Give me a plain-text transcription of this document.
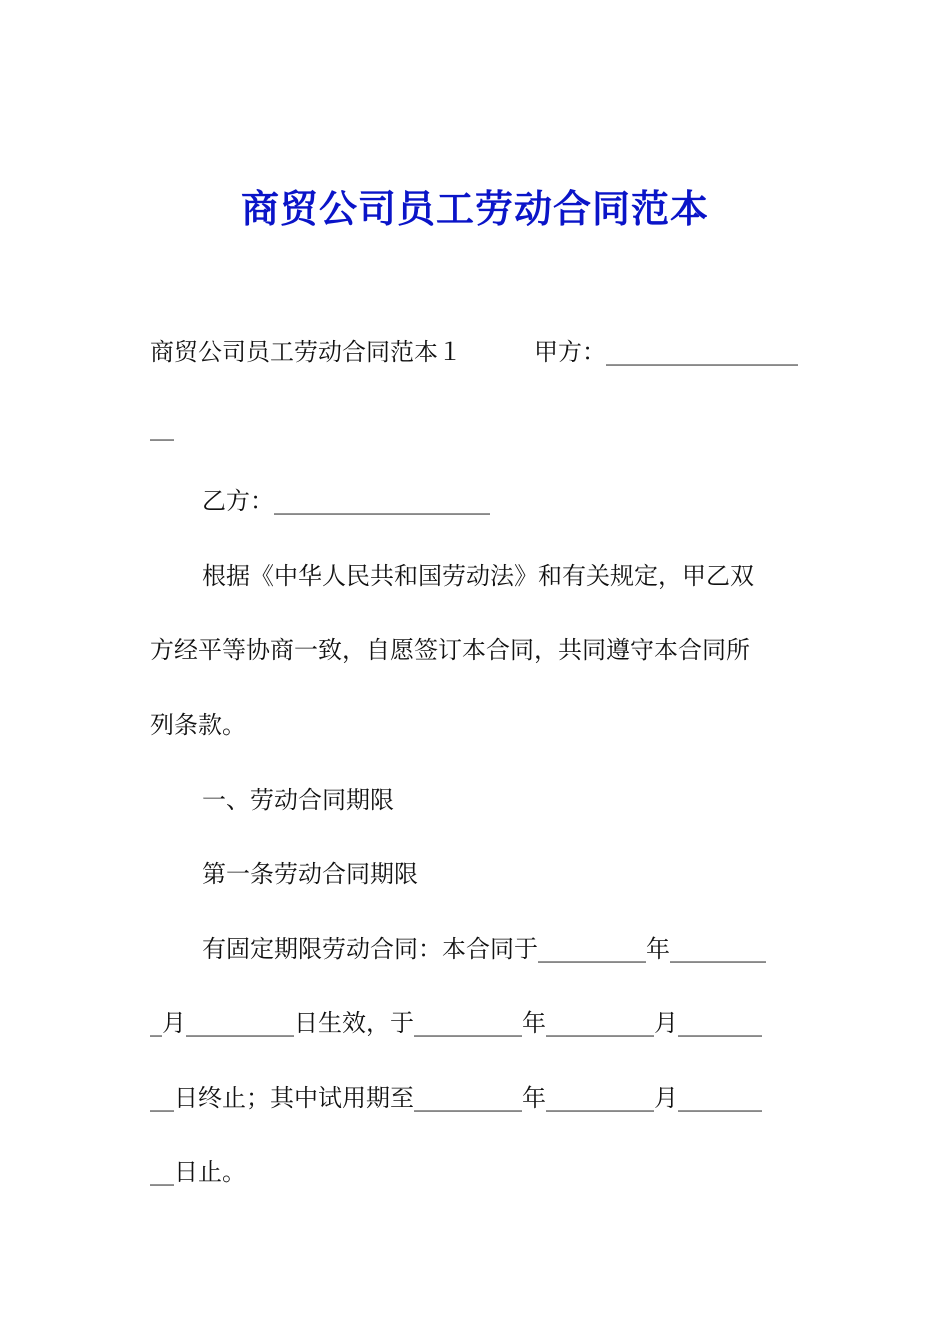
商贸公司员工劳动合同范本

商贸公司员工劳动合同范本１　　　甲方：________________

__

乙方：__________________

根据《中华人民共和国劳动法》和有关规定，甲乙双

方经平等协商一致，自愿签订本合同，共同遵守本合同所

列条款。

一、劳动合同期限

第一条劳动合同期限

有固定期限劳动合同：本合同于_________年________

_月_________日生效，于_________年_________月_______

__日终止；其中试用期至_________年_________月_______

__日止。
